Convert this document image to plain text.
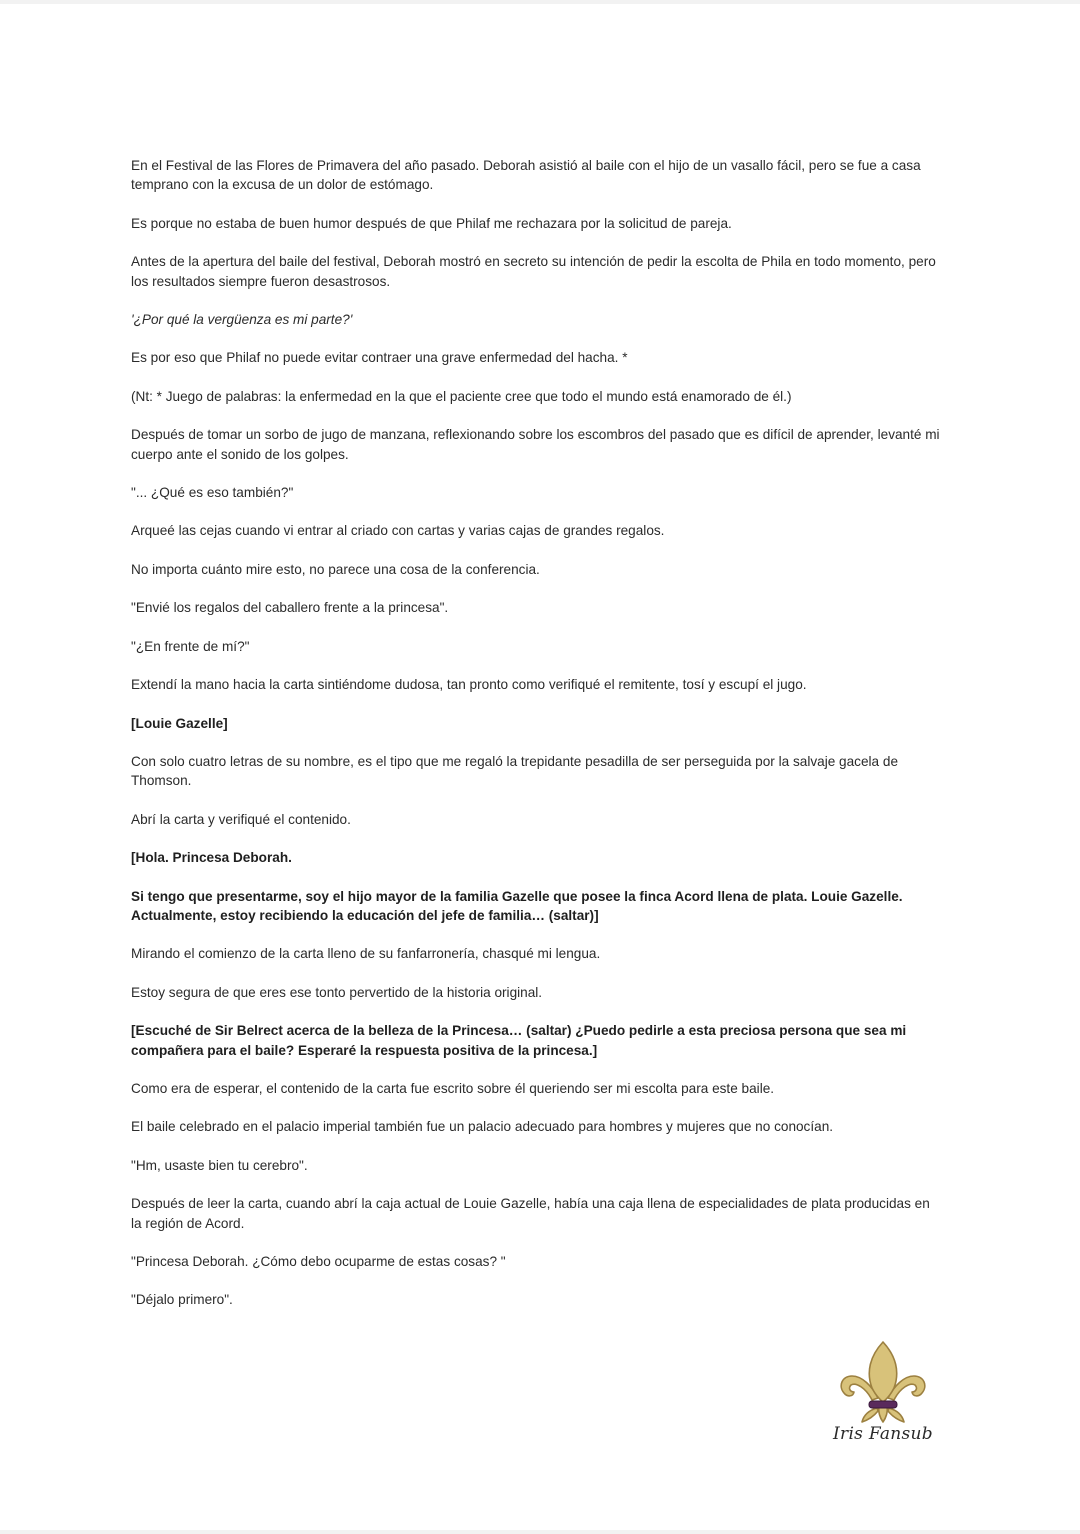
En el Festival de las Flores de Primavera del año pasado. Deborah asistió al baile con el hijo de un vasallo fácil, pero se fue a casa temprano con la excusa de un dolor de estómago.

Es porque no estaba de buen humor después de que Philaf me rechazara por la solicitud de pareja.

Antes de la apertura del baile del festival, Deborah mostró en secreto su intención de pedir la escolta de Phila en todo momento, pero los resultados siempre fueron desastrosos.

'¿Por qué la vergüenza es mi parte?'

Es por eso que Philaf no puede evitar contraer una grave enfermedad del hacha. *

(Nt: * Juego de palabras: la enfermedad en la que el paciente cree que todo el mundo está enamorado de él.)

Después de tomar un sorbo de jugo de manzana, reflexionando sobre los escombros del pasado que es difícil de aprender, levanté mi cuerpo ante el sonido de los golpes.

"... ¿Qué es eso también?"

Arqueé las cejas cuando vi entrar al criado con cartas y varias cajas de grandes regalos.

No importa cuánto mire esto, no parece una cosa de la conferencia.

"Envié los regalos del caballero frente a la princesa".

"¿En frente de mí?"

Extendí la mano hacia la carta sintiéndome dudosa, tan pronto como verifiqué el remitente, tosí y escupí el jugo.

[Louie Gazelle]

Con solo cuatro letras de su nombre, es el tipo que me regaló la trepidante pesadilla de ser perseguida por la salvaje gacela de Thomson.

Abrí la carta y verifiqué el contenido.

[Hola. Princesa Deborah.

Si tengo que presentarme, soy el hijo mayor de la familia Gazelle que posee la finca Acord llena de plata. Louie Gazelle. Actualmente, estoy recibiendo la educación del jefe de familia… (saltar)]

Mirando el comienzo de la carta lleno de su fanfarronería, chasqué mi lengua.

Estoy segura de que eres ese tonto pervertido de la historia original.

[Escuché de Sir Belrect acerca de la belleza de la Princesa… (saltar) ¿Puedo pedirle a esta preciosa persona que sea mi compañera para el baile? Esperaré la respuesta positiva de la princesa.]

Como era de esperar, el contenido de la carta fue escrito sobre él queriendo ser mi escolta para este baile.

El baile celebrado en el palacio imperial también fue un palacio adecuado para hombres y mujeres que no conocían.

"Hm, usaste bien tu cerebro".

Después de leer la carta, cuando abrí la caja actual de Louie Gazelle, había una caja llena de especialidades de plata producidas en la región de Acord.

"Princesa Deborah. ¿Cómo debo ocuparme de estas cosas? "

"Déjalo primero".

Iris Fansub
